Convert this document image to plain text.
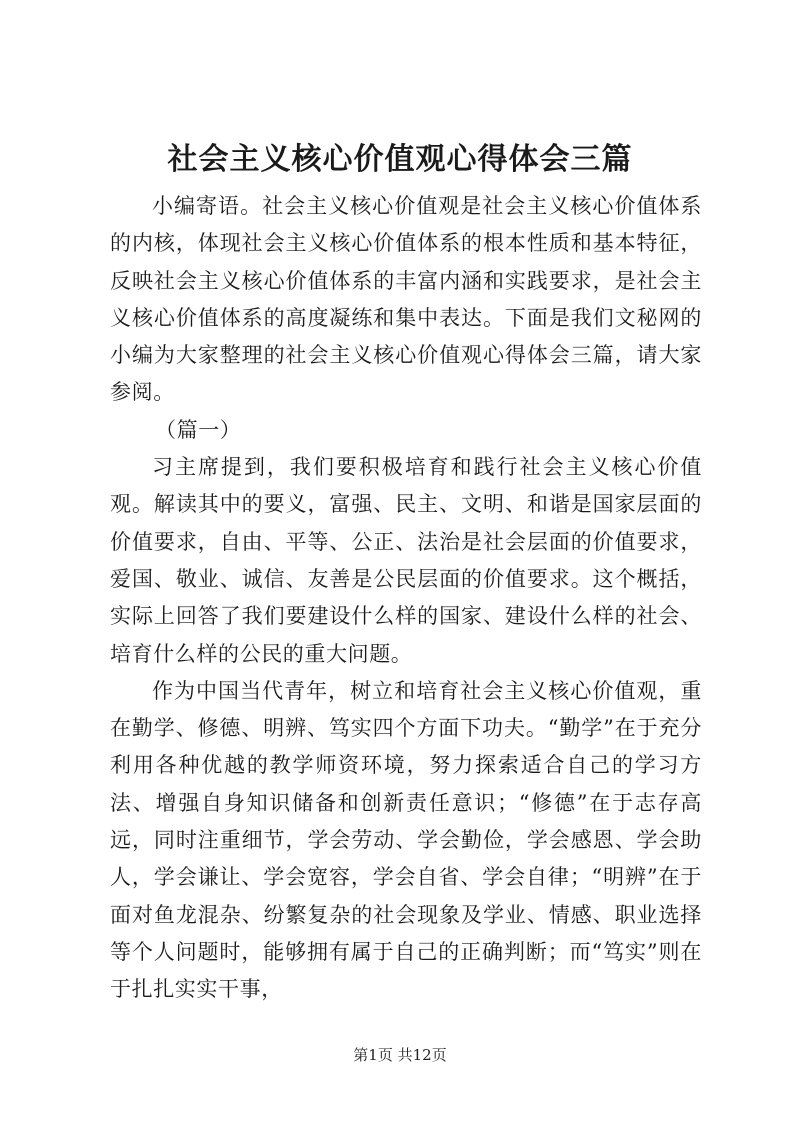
社会主义核心价值观心得体会三篇

小编寄语。社会主义核心价值观是社会主义核心价值体系的内核，体现社会主义核心价值体系的根本性质和基本特征，反映社会主义核心价值体系的丰富内涵和实践要求，是社会主义核心价值体系的高度凝练和集中表达。下面是我们文秘网的小编为大家整理的社会主义核心价值观心得体会三篇，请大家参阅。

（篇一）

习主席提到，我们要积极培育和践行社会主义核心价值观。解读其中的要义，富强、民主、文明、和谐是国家层面的价值要求，自由、平等、公正、法治是社会层面的价值要求，爱国、敬业、诚信、友善是公民层面的价值要求。这个概括，实际上回答了我们要建设什么样的国家、建设什么样的社会、培育什么样的公民的重大问题。

作为中国当代青年，树立和培育社会主义核心价值观，重在勤学、修德、明辨、笃实四个方面下功夫。“勤学”在于充分利用各种优越的教学师资环境，努力探索适合自己的学习方法、增强自身知识储备和创新责任意识；“修德”在于志存高远，同时注重细节，学会劳动、学会勤俭，学会感恩、学会助人，学会谦让、学会宽容，学会自省、学会自律；“明辨”在于面对鱼龙混杂、纷繁复杂的社会现象及学业、情感、职业选择等个人问题时，能够拥有属于自己的正确判断；而“笃实”则在于扎扎实实干事，

第1页 共12页
